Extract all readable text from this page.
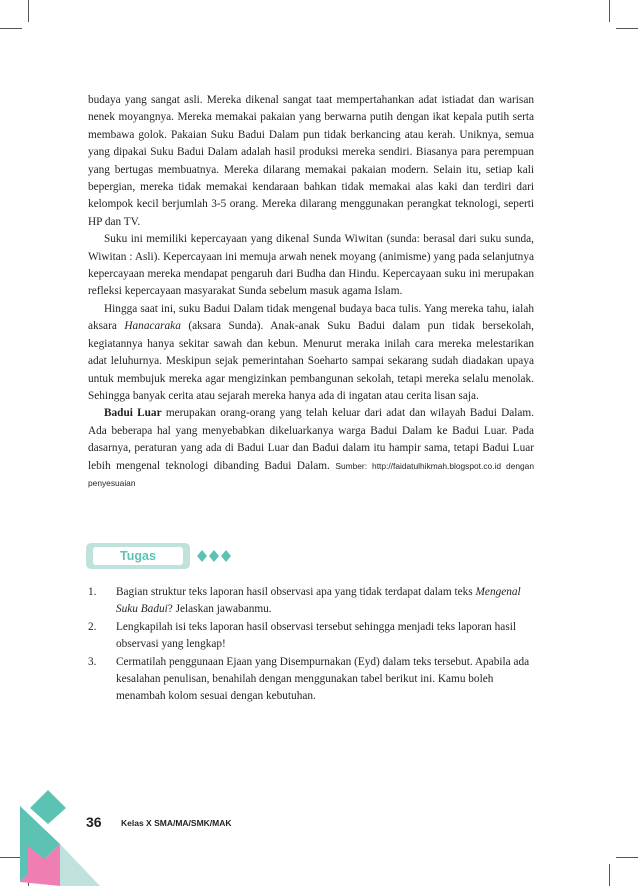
budaya yang sangat asli. Mereka dikenal sangat taat mempertahankan adat istiadat dan warisan nenek moyangnya. Mereka memakai pakaian yang berwarna putih dengan ikat kepala putih serta membawa golok. Pakaian Suku Badui Dalam pun tidak berkancing atau kerah. Uniknya, semua yang dipakai Suku Badui Dalam adalah hasil produksi mereka sendiri. Biasanya para perempuan yang bertugas membuatnya. Mereka dilarang memakai pakaian modern. Selain itu, setiap kali bepergian, mereka tidak memakai kendaraan bahkan tidak memakai alas kaki dan terdiri dari kelompok kecil berjumlah 3-5 orang. Mereka dilarang menggunakan perangkat teknologi, seperti HP dan TV.

Suku ini memiliki kepercayaan yang dikenal Sunda Wiwitan (sunda: berasal dari suku sunda, Wiwitan : Asli). Kepercayaan ini memuja arwah nenek moyang (animisme) yang pada selanjutnya kepercayaan mereka mendapat pengaruh dari Budha dan Hindu. Kepercayaan suku ini merupakan refleksi kepercayaan masyarakat Sunda sebelum masuk agama Islam.

Hingga saat ini, suku Badui Dalam tidak mengenal budaya baca tulis. Yang mereka tahu, ialah aksara Hanacaraka (aksara Sunda). Anak-anak Suku Badui dalam pun tidak bersekolah, kegiatannya hanya sekitar sawah dan kebun. Menurut meraka inilah cara mereka melestarikan adat leluhurnya. Meskipun sejak pemerintahan Soeharto sampai sekarang sudah diadakan upaya untuk membujuk mereka agar mengizinkan pembangunan sekolah, tetapi mereka selalu menolak. Sehingga banyak cerita atau sejarah mereka hanya ada di ingatan atau cerita lisan saja.

Badui Luar merupakan orang-orang yang telah keluar dari adat dan wilayah Badui Dalam. Ada beberapa hal yang menyebabkan dikeluarkanya warga Badui Dalam ke Badui Luar. Pada dasarnya, peraturan yang ada di Badui Luar dan Badui dalam itu hampir sama, tetapi Badui Luar lebih mengenal teknologi dibanding Badui Dalam. Sumber: http://faidatulhikmah.blogspot.co.id dengan penyesuaian

Tugas
1. Bagian struktur teks laporan hasil observasi apa yang tidak terdapat dalam teks Mengenal Suku Badui? Jelaskan jawabanmu.
2. Lengkapilah isi teks laporan hasil observasi tersebut sehingga menjadi teks laporan hasil observasi yang lengkap!
3. Cermatilah penggunaan Ejaan yang Disempurnakan (Eyd) dalam teks tersebut. Apabila ada kesalahan penulisan, benahilah dengan menggunakan tabel berikut ini. Kamu boleh menambah kolom sesuai dengan kebutuhan.
36 Kelas X SMA/MA/SMK/MAK
